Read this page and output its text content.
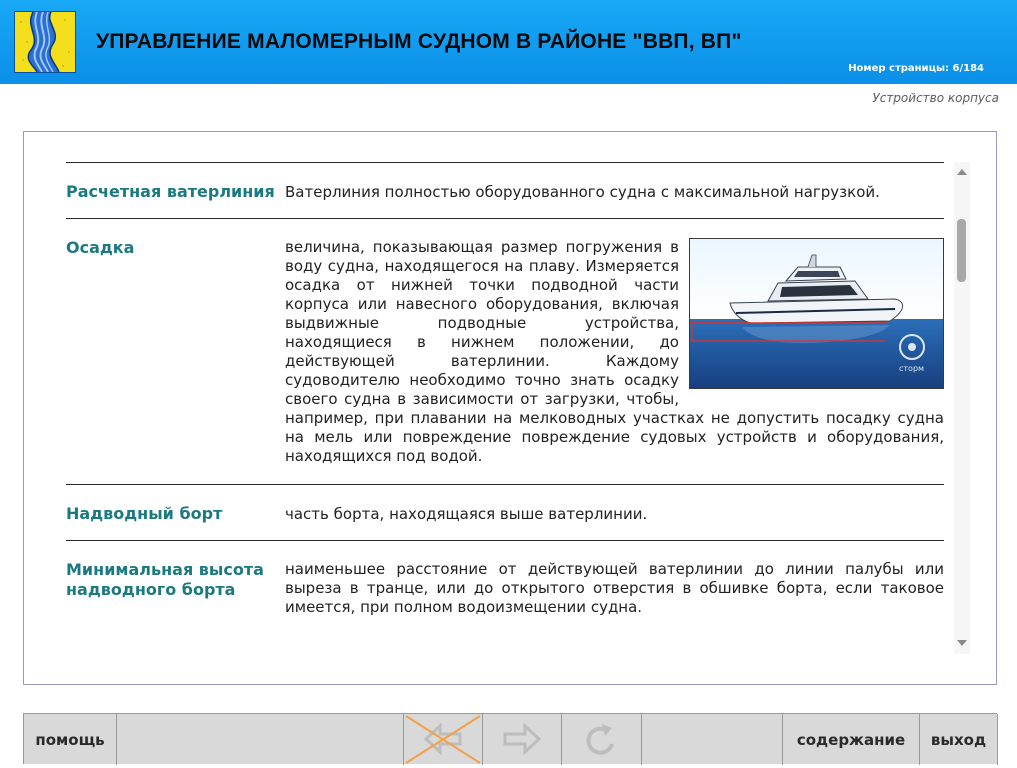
УПРАВЛЕНИЕ МАЛОМЕРНЫМ СУДНОМ В РАЙОНЕ "ВВП, ВП"
Номер страницы: 6/184
Устройство корпуса
Расчетная ватерлиния Ватерлиния полностью оборудованного судна с максимальной нагрузкой.
Осадка
сторм
величина, показывающая размер погружения в воду судна, находящегося на плаву. Измеряется осадка от нижней точки подводной части корпуса или навесного оборудования, включая выдвижные подводные устройства, находящиеся в нижнем положении, до действующей ватерлинии. Каждому судоводителю необходимо точно знать осадку своего судна в зависимости от загрузки, чтобы, например, при плавании на мелководных участках не допустить посадку судна на мель или повреждение повреждение судовых устройств и оборудования, находящихся под водой.
Надводный борт	часть борта, находящаяся выше ватерлинии.
Минимальная высота надводного борта
наименьшее расстояние от действующей ватерлинии до линии палубы или выреза в транце, или до открытого отверстия в обшивке борта, если таковое имеется, при полном водоизмещении судна.
помощь	содержание выход
